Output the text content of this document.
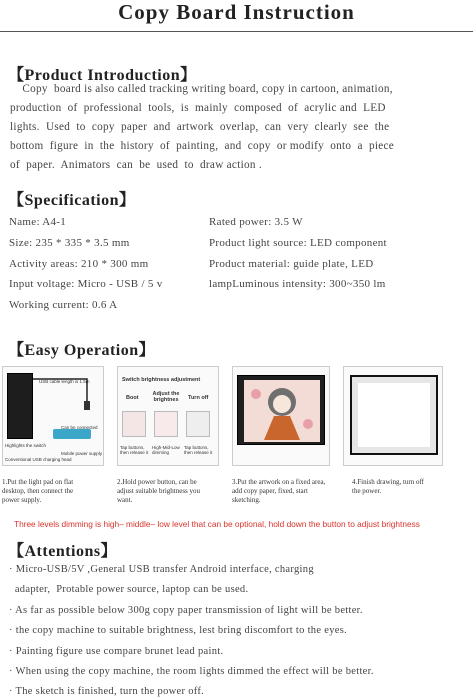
Copy Board Instruction
【Product Introduction】
Copy  board is also called tracking writing board, copy in cartoon, animation,
production  of  professional  tools,  is  mainly  composed  of  acrylic and  LED
lights.  Used  to  copy  paper  and  artwork  overlap,  can  very  clearly  see  the
bottom  figure  in  the  history  of  painting,  and  copy  or modify  onto  a  piece
of  paper.  Animators  can  be  used  to  draw action .
【Specification】
Name: A4-1
Size: 235 * 335 * 3.5 mm
Activity areas: 210 * 300 mm
Input voltage: Micro - USB / 5 v
Working current: 0.6 A
Rated power: 3.5 W
Product light source: LED component
Product material: guide plate, LED
lampLuminous intensity: 300~350 lm
【Easy Operation】
USB cable length is 1.5m
Highlights the switch
Can be connected
Mobile power supply
Conventional USB charging head
Switch brightness adjustment
Boot
Adjust the brightnes Turn off
Tap buttons, then release it
High-Mid-Low dimming
Tap buttons, then release it
1.Put the light pad on flat
desktop, then connect the
power supply.
2.Hold power button, can be
adjust suitable brightness you
want.
3.Put the artwork on a fixed area,
add copy paper, fixed, start
sketching.
4.Finish drawing, turn off
the power.
Three levels dimming is high– middle– low level that can be optional, hold down the button to adjust brightness
【Attentions】
· Micro-USB/5V ,General USB transfer Android interface, charging
adapter,  Protable power source, laptop can be used.
· As far as possible below 300g copy paper transmission of light will be better.
· the copy machine to suitable brightness, lest bring discomfort to the eyes.
· Painting figure use compare brunet lead paint.
· When using the copy machine, the room lights dimmed the effect will be better.
· The sketch is finished, turn the power off.
